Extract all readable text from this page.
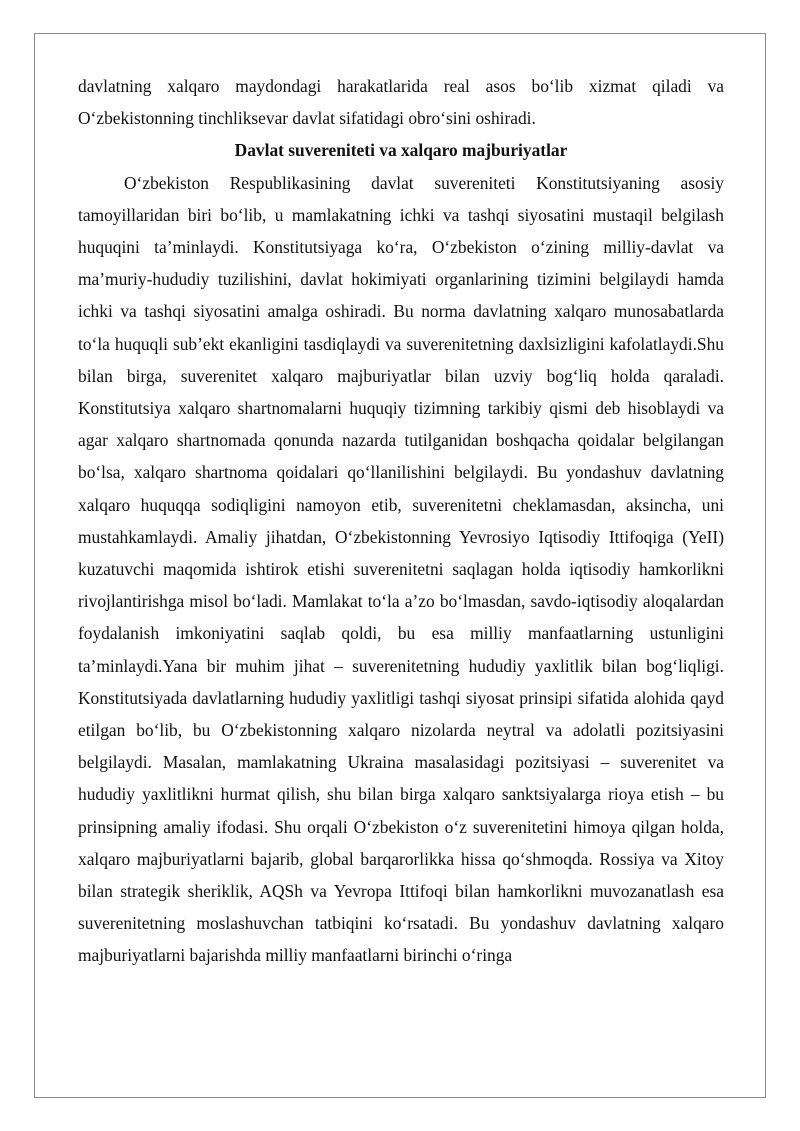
davlatning xalqaro maydondagi harakatlarida real asos bo‘lib xizmat qiladi va O‘zbekistonning tinchliksevar davlat sifatidagi obro‘sini oshiradi.

Davlat suvereniteti va xalqaro majburiyatlar

O‘zbekiston Respublikasining davlat suvereniteti Konstitutsiyaning asosiy tamoyillaridan biri bo‘lib, u mamlakatning ichki va tashqi siyosatini mustaqil belgilash huquqini ta’minlaydi. Konstitutsiyaga ko‘ra, O‘zbekiston o‘zining milliy-davlat va ma’muriy-hududiy tuzilishini, davlat hokimiyati organlarining tizimini belgilaydi hamda ichki va tashqi siyosatini amalga oshiradi. Bu norma davlatning xalqaro munosabatlarda to‘la huquqli sub’ekt ekanligini tasdiqlaydi va suverenitetning daxlsizligini kafolatlaydi.Shu bilan birga, suverenitet xalqaro majburiyatlar bilan uzviy bog‘liq holda qaraladi. Konstitutsiya xalqaro shartnomalarni huquqiy tizimning tarkibiy qismi deb hisoblaydi va agar xalqaro shartnomada qonunda nazarda tutilganidan boshqacha qoidalar belgilangan bo‘lsa, xalqaro shartnoma qoidalari qo‘llanilishini belgilaydi. Bu yondashuv davlatning xalqaro huquqqa sodiqligini namoyon etib, suverenitetni cheklamasdan, aksincha, uni mustahkamlaydi. Amaliy jihatdan, O‘zbekistonning Yevrosiyo Iqtisodiy Ittifoqiga (YeII) kuzatuvchi maqomida ishtirok etishi suverenitetni saqlagan holda iqtisodiy hamkorlikni rivojlantirishga misol bo‘ladi. Mamlakat to‘la a’zo bo‘lmasdan, savdo-iqtisodiy aloqalardan foydalanish imkoniyatini saqlab qoldi, bu esa milliy manfaatlarning ustunligini ta’minlaydi.Yana bir muhim jihat – suverenitetning hududiy yaxlitlik bilan bog‘liqligi. Konstitutsiyada davlatlarning hududiy yaxlitligi tashqi siyosat prinsipi sifatida alohida qayd etilgan bo‘lib, bu O‘zbekistonning xalqaro nizolarda neytral va adolatli pozitsiyasini belgilaydi. Masalan, mamlakatning Ukraina masalasidagi pozitsiyasi – suverenitet va hududiy yaxlitlikni hurmat qilish, shu bilan birga xalqaro sanktsiyalarga rioya etish – bu prinsipning amaliy ifodasi. Shu orqali O‘zbekiston o‘z suverenitetini himoya qilgan holda, xalqaro majburiyatlarni bajarib, global barqarorlikka hissa qo‘shmoqda. Rossiya va Xitoy bilan strategik sheriklik, AQSh va Yevropa Ittifoqi bilan hamkorlikni muvozanatlash esa suverenitetning moslashuvchan tatbiqini ko‘rsatadi. Bu yondashuv davlatning xalqaro majburiyatlarni bajarishda milliy manfaatlarni birinchi o‘ringa
